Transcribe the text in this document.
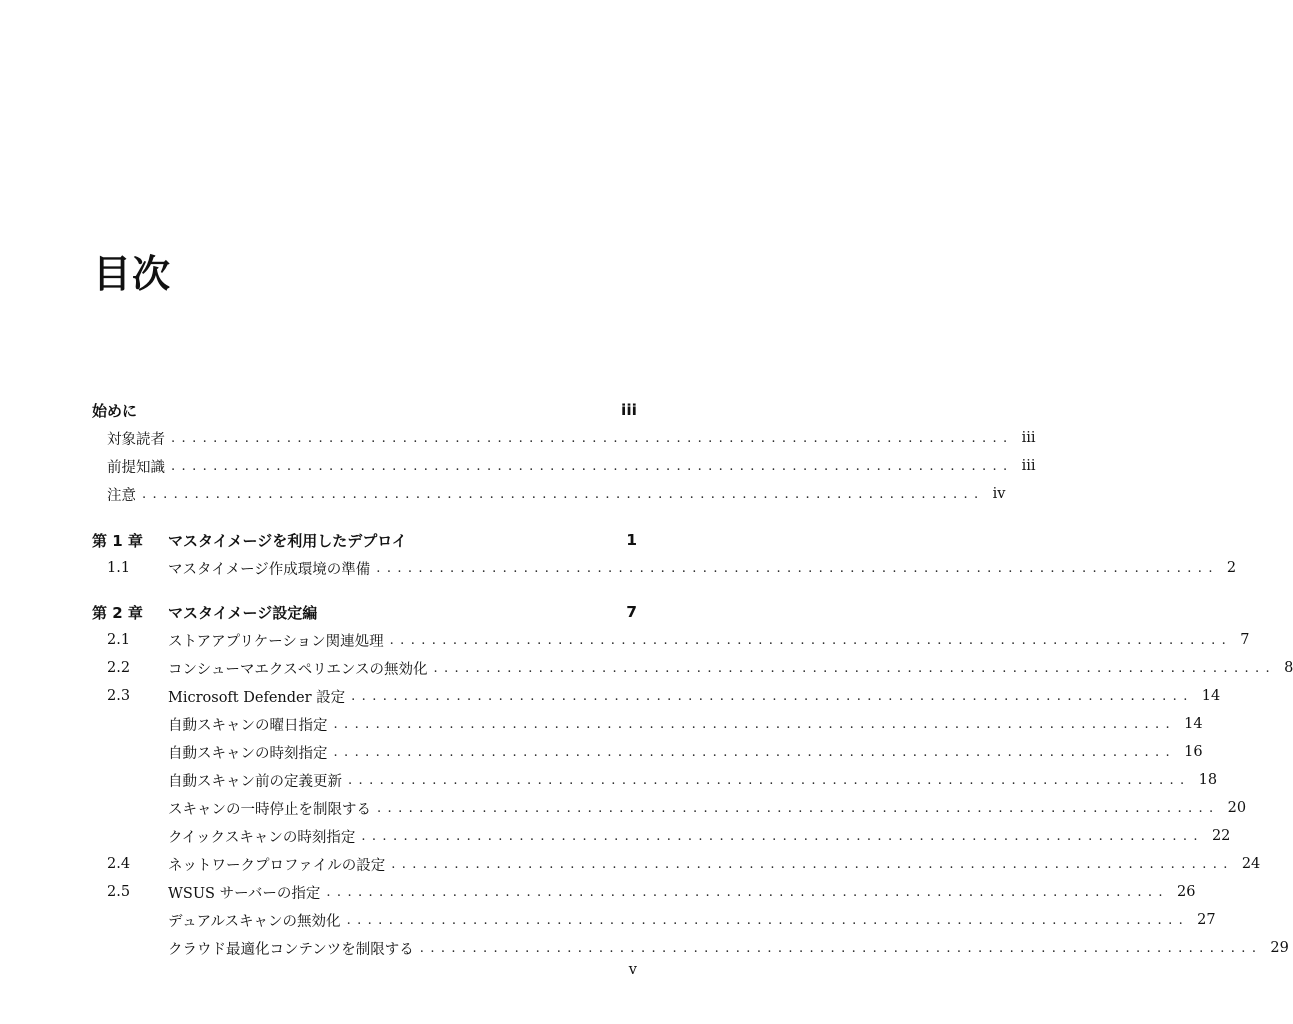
目次
始めに	iii
対象読者 ................................................................................ iii
前提知識 ................................................................................ iii
注意 ................................................................................ iv
第 1 章	マスタイメージを利用したデプロイ	1
1.1	マスタイメージ作成環境の準備 ................................................................................ 2
第 2 章	マスタイメージ設定編	7
2.1	ストアアプリケーション関連処理 ................................................................................ 7
2.2	コンシューマエクスペリエンスの無効化 ................................................................................ 8
2.3	Microsoft Defender 設定 ................................................................................ 14
自動スキャンの曜日指定 ................................................................................ 14
自動スキャンの時刻指定 ................................................................................ 16
自動スキャン前の定義更新 ................................................................................ 18
スキャンの一時停止を制限する ................................................................................ 20
クイックスキャンの時刻指定 ................................................................................ 22
2.4	ネットワークプロファイルの設定 ................................................................................ 24
2.5	WSUS サーバーの指定 ................................................................................ 26
デュアルスキャンの無効化 ................................................................................ 27
クラウド最適化コンテンツを制限する ................................................................................ 29
v
